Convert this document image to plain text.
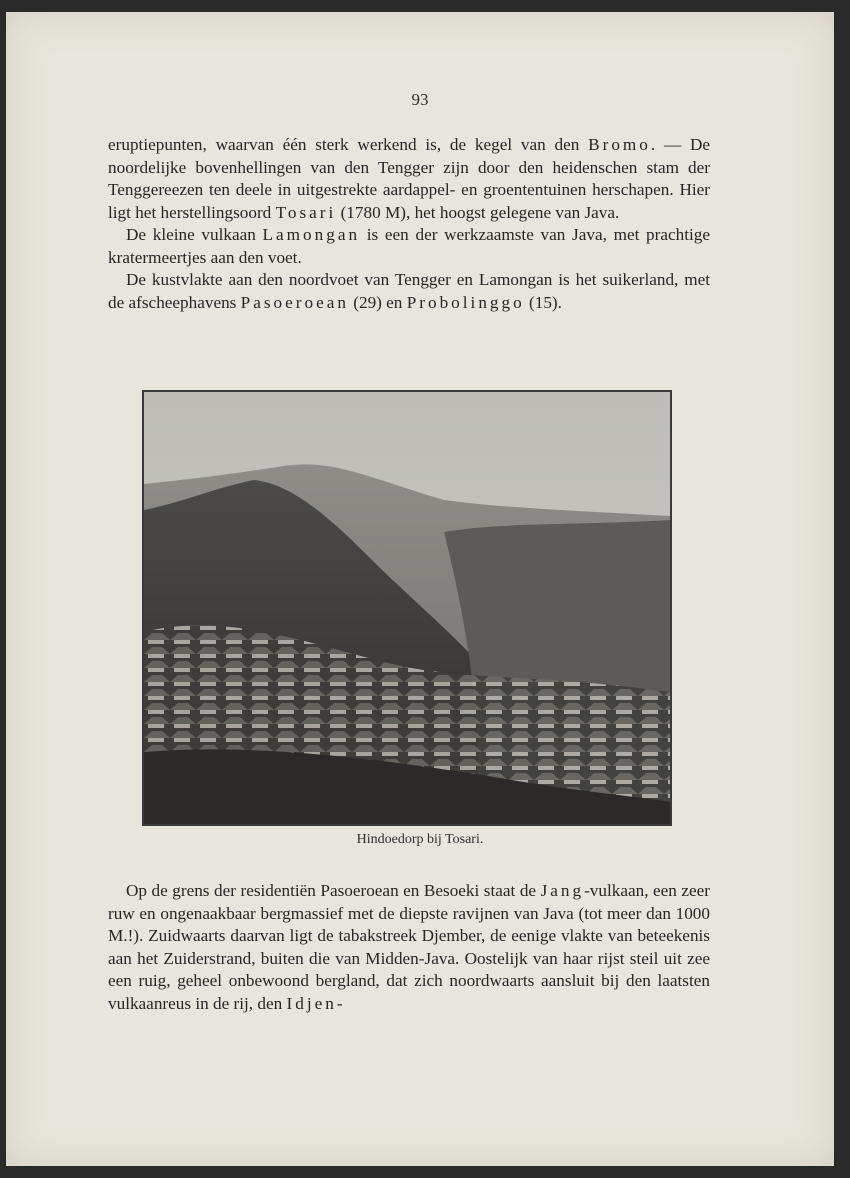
93

eruptiepunten, waarvan één sterk werkend is, de kegel van den Bromo. — De noordelijke bovenhellingen van den Tengger zijn door den heidenschen stam der Tenggereezen ten deele in uitgestrekte aardappel- en groententuinen herschapen. Hier ligt het herstellingsoord Tosari (1780 M), het hoogst gelegene van Java.

De kleine vulkaan Lamongan is een der werkzaamste van Java, met prachtige kratermeertjes aan den voet.

De kustvlakte aan den noordvoet van Tengger en Lamongan is het suikerland, met de afscheephavens Pasoeroean (29) en Probolinggo (15).

Hindoedorp bij Tosari.

Op de grens der residentiën Pasoeroean en Besoeki staat de Jang-vulkaan, een zeer ruw en ongenaakbaar bergmassief met de diepste ravijnen van Java (tot meer dan 1000 M.!). Zuidwaarts daarvan ligt de tabakstreek Djember, de eenige vlakte van beteekenis aan het Zuiderstrand, buiten die van Midden-Java. Oostelijk van haar rijst steil uit zee een ruig, geheel onbewoond bergland, dat zich noordwaarts aansluit bij den laatsten vulkaanreus in de rij, den Idjen-
